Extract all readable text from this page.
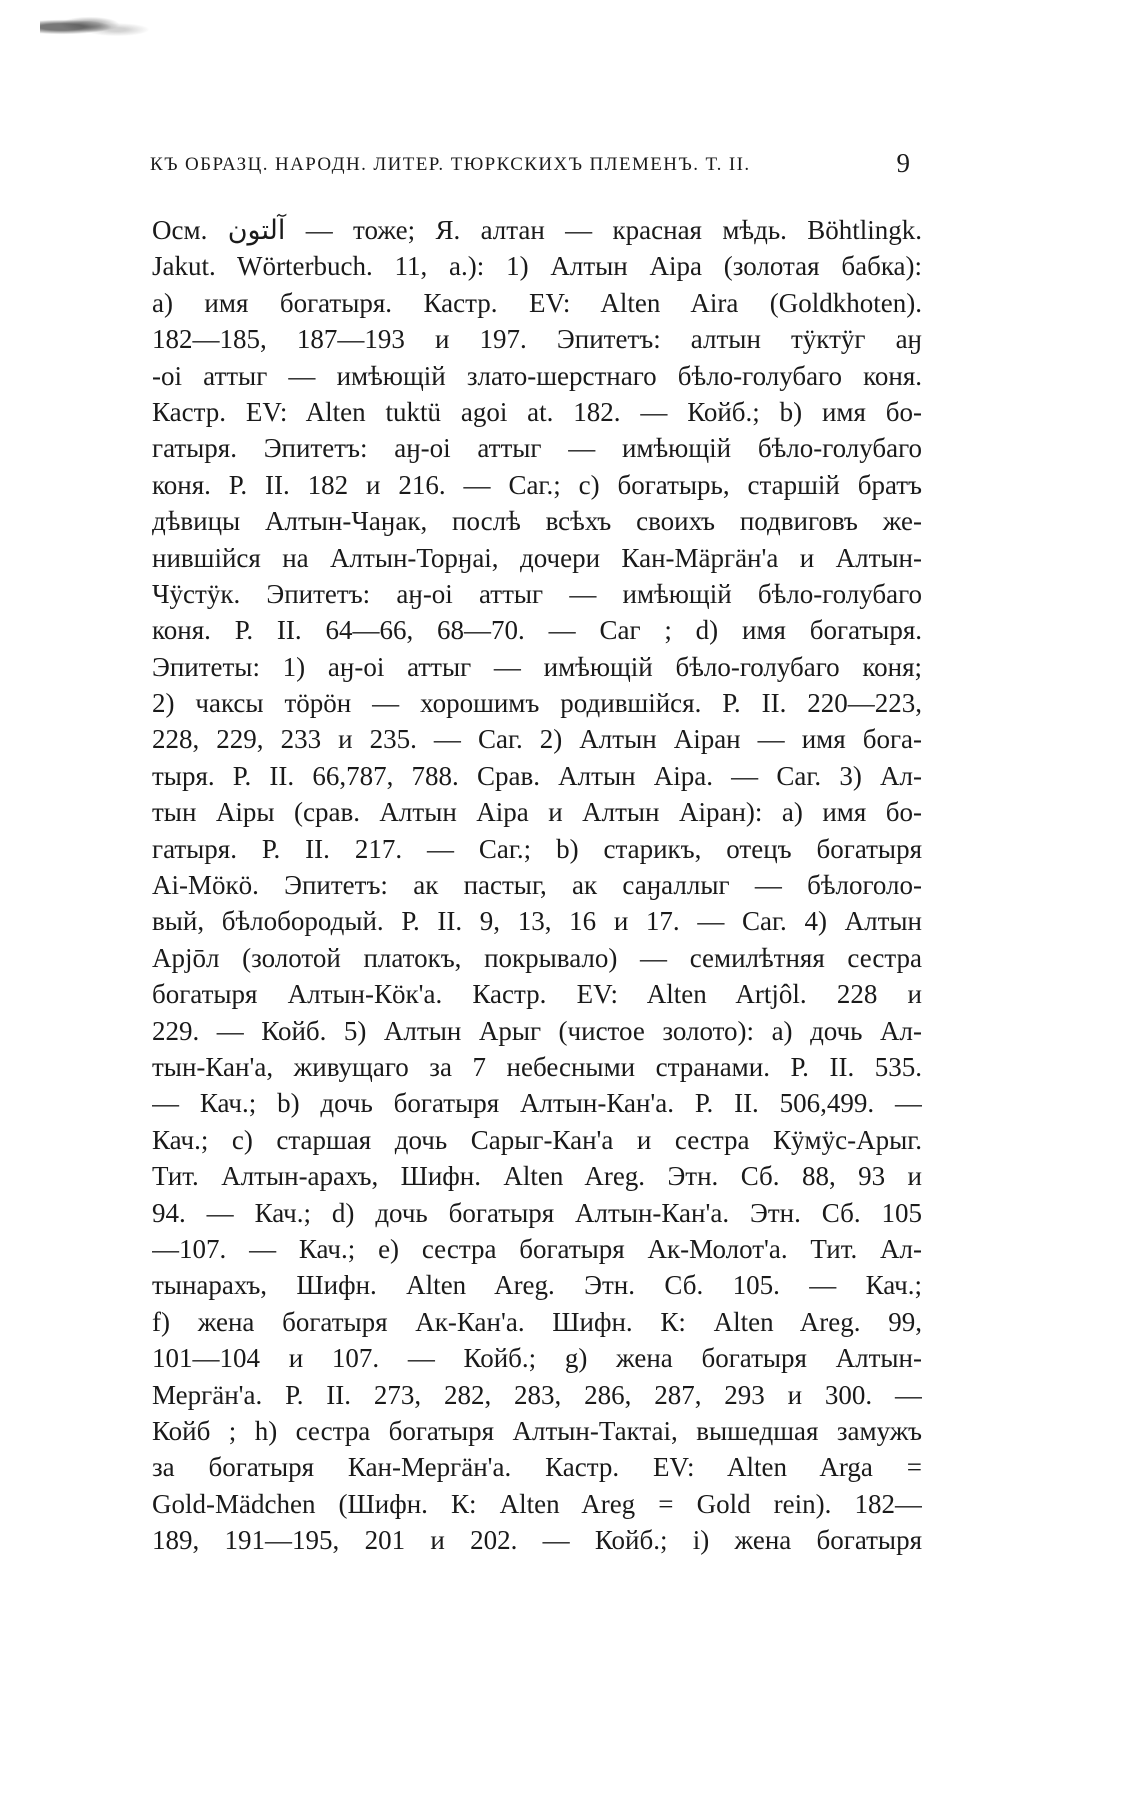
КЪ ОБРАЗЦ. НАРОДН. ЛИТЕР. ТЮРКСКИХЪ ПЛЕМЕНЪ. Т. II.	9
Осм. آلتون — тоже; Я. алтан — красная мѣдь. Böhtlingk.
Jakut. Wörterbuch. 11, a.): 1) Алтын Аіра (золотая бабка):
a) имя богатыря. Кастр. EV: Alten Aira (Goldkhoten).
182—185, 187—193 и 197. Эпитетъ: алтын тӱктӱг аӈ
-оі аттыг — имѣющій злато-шерстнаго бѣло-голубаго коня.
Кастр. EV: Alten tuktü agoi at. 182. — Койб.; b) имя бо-
гатыря. Эпитетъ: аӈ-оі аттыг — имѣющій бѣло-голубаго
коня. Р. II. 182 и 216. — Саг.; c) богатырь, старшій братъ
дѣвицы Алтын-Чаӈак, послѣ всѣхъ своихъ подвиговъ же-
нившійся на Алтын-Торӈаі, дочери Кан-Мäргäн'а и Алтын-
Чӱстӱк. Эпитетъ: аӈ-оі аттыг — имѣющій бѣло-голубаго
коня. Р. II. 64—66, 68—70. — Саг ; d) имя богатыря.
Эпитеты: 1) аӈ-оі аттыг — имѣющій бѣло-голубаго коня;
2) чаксы тӧрӧн — хорошимъ родившійся. Р. II. 220—223,
228, 229, 233 и 235. — Саг. 2) Алтын Аіран — имя бога-
тыря. Р. II. 66,787, 788. Срав. Алтын Аіра. — Саг. 3) Ал-
тын Аіры (срав. Алтын Аіра и Алтын Аіран): a) имя бо-
гатыря. Р. II. 217. — Саг.; b) старикъ, отецъ богатыря
Аі-Мӧкӧ. Эпитетъ: ак пастыг, ак саӈаллыг — бѣлоголо-
вый, бѣлобородый. Р. II. 9, 13, 16 и 17. — Саг. 4) Алтын
Арјōл (золотой платокъ, покрывало) — семилѣтняя сестра
богатыря Алтын-Кӧк'а. Кастр. EV: Alten Artjôl. 228 и
229. — Койб. 5) Алтын Арыг (чистое золото): a) дочь Ал-
тын-Кан'а, живущаго за 7 небесными странами. Р. II. 535.
— Кач.; b) дочь богатыря Алтын-Кан'а. Р. II. 506,499. —
Кач.; c) старшая дочь Сарыг-Кан'а и сестра Кӱмӱс-Арыг.
Тит. Алтын-арахъ, Шифн. Alten Areg. Этн. Сб. 88, 93 и
94. — Кач.; d) дочь богатыря Алтын-Кан'а. Этн. Сб. 105
—107. — Кач.; e) сестра богатыря Ак-Молот'а. Тит. Ал-
тынарахъ, Шифн. Alten Areg. Этн. Сб. 105. — Кач.;
f) жена богатыря Ак-Кан'а. Шифн. К: Alten Areg. 99,
101—104 и 107. — Койб.; g) жена богатыря Алтын-
Мергäн'а. Р. II. 273, 282, 283, 286, 287, 293 и 300. —
Койб ; h) сестра богатыря Алтын-Тактаі, вышедшая замужъ
за богатыря Кан-Мергäн'а. Кастр. EV: Alten Arga =
Gold-Mädchen (Шифн. К: Alten Areg = Gold rein). 182—
189, 191—195, 201 и 202. — Койб.; i) жена богатыря
